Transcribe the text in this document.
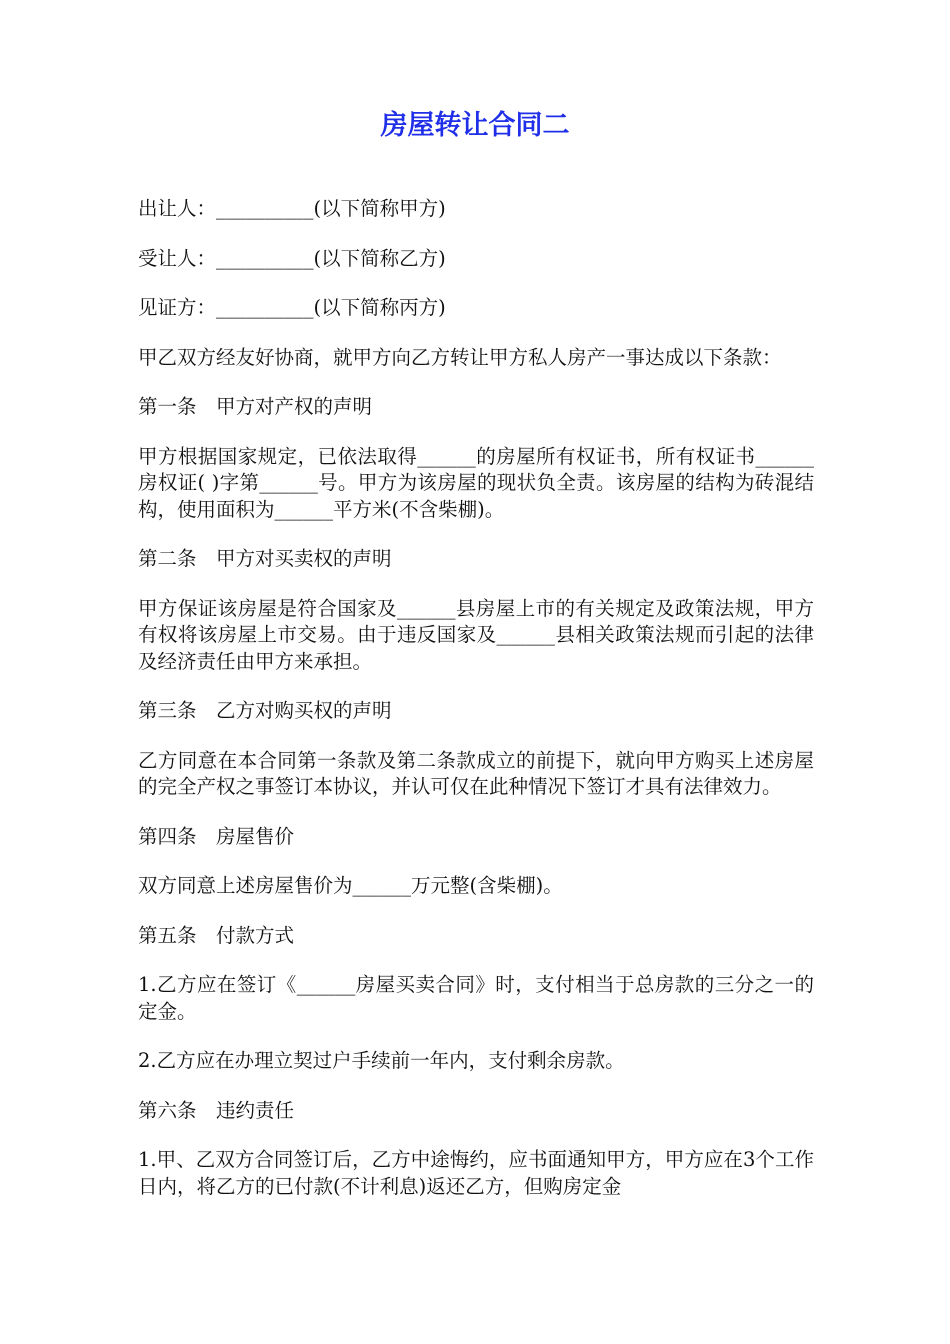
房屋转让合同二

出让人：__________(以下简称甲方)

受让人：__________(以下简称乙方)

见证方：__________(以下简称丙方)

甲乙双方经友好协商，就甲方向乙方转让甲方私人房产一事达成以下条款：

第一条　甲方对产权的声明

甲方根据国家规定，已依法取得______的房屋所有权证书，所有权证书______房权证( )字第______号。甲方为该房屋的现状负全责。该房屋的结构为砖混结构，使用面积为______平方米(不含柴棚)。

第二条　甲方对买卖权的声明

甲方保证该房屋是符合国家及______县房屋上市的有关规定及政策法规，甲方有权将该房屋上市交易。由于违反国家及______县相关政策法规而引起的法律及经济责任由甲方来承担。

第三条　乙方对购买权的声明

乙方同意在本合同第一条款及第二条款成立的前提下，就向甲方购买上述房屋的完全产权之事签订本协议，并认可仅在此种情况下签订才具有法律效力。

第四条　房屋售价

双方同意上述房屋售价为______万元整(含柴棚)。

第五条　付款方式

1.乙方应在签订《______房屋买卖合同》时，支付相当于总房款的三分之一的定金。

2.乙方应在办理立契过户手续前一年内，支付剩余房款。

第六条　违约责任

1.甲、乙双方合同签订后，乙方中途悔约，应书面通知甲方，甲方应在3个工作日内，将乙方的已付款(不计利息)返还乙方，但购房定金
